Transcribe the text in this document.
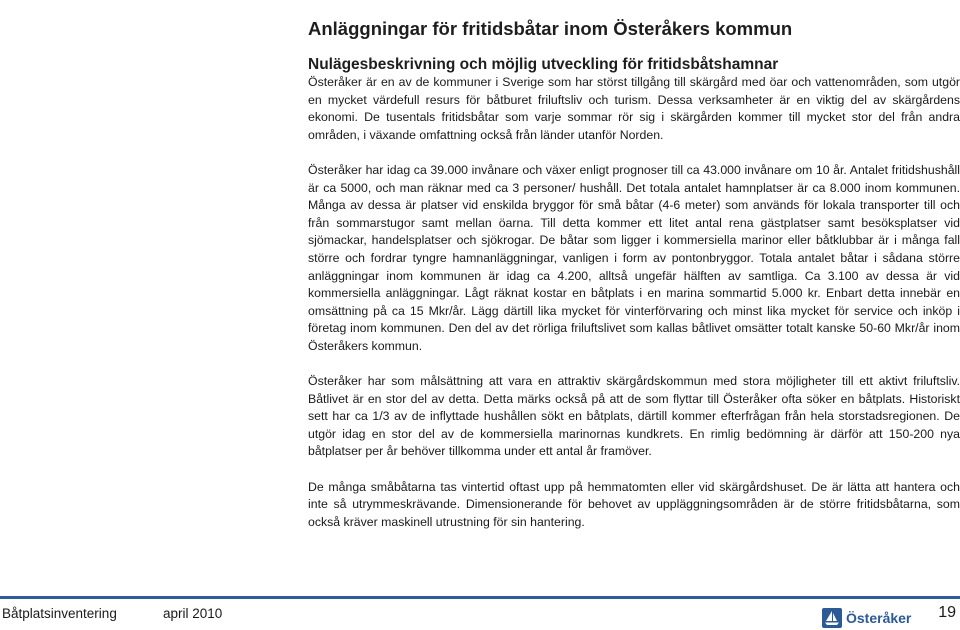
Anläggningar för fritidsbåtar inom Österåkers kommun
Nulägesbeskrivning och möjlig utveckling för fritidsbåtshamnar

Österåker är en av de kommuner i Sverige som har störst tillgång till skärgård med öar och vattenområden, som utgör en mycket värdefull resurs för båtburet friluftsliv och turism. Dessa verksamheter är en viktig del av skärgårdens ekonomi. De tusentals fritidsbåtar som varje sommar rör sig i skärgården kommer till mycket stor del från andra områden, i växande omfattning också från länder utanför Norden.

Österåker har idag ca 39.000 invånare och växer enligt prognoser till ca 43.000 invånare om 10 år. Antalet fritidshushåll är ca 5000, och man räknar med ca 3 personer/ hushåll. Det totala antalet hamnplatser är ca 8.000 inom kommunen. Många av dessa är platser vid enskilda bryggor för små båtar (4-6 meter) som används för lokala transporter till och från sommarstugor samt mellan öarna. Till detta kommer ett litet antal rena gästplatser samt besöksplatser vid sjömackar, handelsplatser och sjökrogar. De båtar som ligger i kommersiella marinor eller båtklubbar är i många fall större och fordrar tyngre hamnanläggningar, vanligen i form av pontonbryggor. Totala antalet båtar i sådana större anläggningar inom kommunen är idag ca 4.200, alltså ungefär hälften av samtliga. Ca 3.100 av dessa är vid kommersiella anläggningar. Lågt räknat kostar en båtplats i en marina sommartid 5.000 kr. Enbart detta innebär en omsättning på ca 15 Mkr/år. Lägg därtill lika mycket för vinterförvaring och minst lika mycket för service och inköp i företag inom kommunen. Den del av det rörliga friluftslivet som kallas båtlivet omsätter totalt kanske 50-60 Mkr/år inom Österåkers kommun.

Österåker har som målsättning att vara en attraktiv skärgårdskommun med stora möjligheter till ett aktivt friluftsliv. Båtlivet är en stor del av detta. Detta märks också på att de som flyttar till Österåker ofta söker en båtplats. Historiskt sett har ca 1/3 av de inflyttade hushållen sökt en båtplats, därtill kommer efterfrågan från hela storstadsregionen. De utgör idag en stor del av de kommersiella marinornas kundkrets. En rimlig bedömning är därför att 150-200 nya båtplatser per år behöver tillkomma under ett antal år framöver.

De många småbåtarna tas vintertid oftast upp på hemmatomten eller vid skärgårdshuset. De är lätta att hantera och inte så utrymmeskrävande. Dimensionerande för behovet av uppläggningsområden är de större fritidsbåtarna, som också kräver maskinell utrustning för sin hantering.

Båtplatsinventering	april 2010	Österåker 19
